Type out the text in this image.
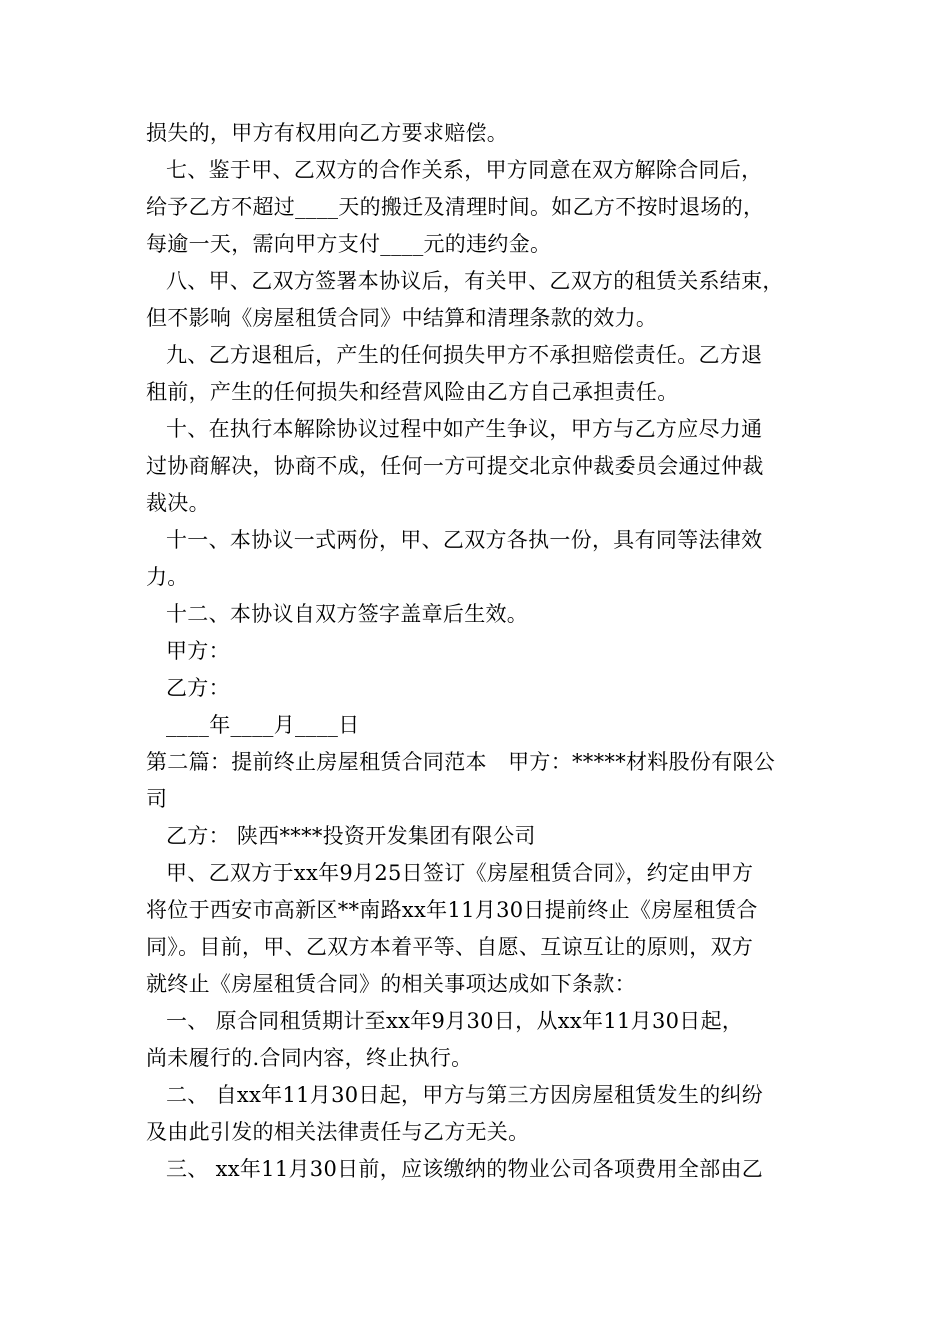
损失的，甲方有权用向乙方要求赔偿。
七、鉴于甲、乙双方的合作关系，甲方同意在双方解除合同后，
给予乙方不超过____天的搬迁及清理时间。如乙方不按时退场的，
每逾一天，需向甲方支付____元的违约金。
八、甲、乙双方签署本协议后，有关甲、乙双方的租赁关系结束，
但不影响《房屋租赁合同》中结算和清理条款的效力。
九、乙方退租后，产生的任何损失甲方不承担赔偿责任。乙方退
租前，产生的任何损失和经营风险由乙方自己承担责任。
十、在执行本解除协议过程中如产生争议，甲方与乙方应尽力通
过协商解决，协商不成，任何一方可提交北京仲裁委员会通过仲裁
裁决。
十一、本协议一式两份，甲、乙双方各执一份，具有同等法律效
力。
十二、本协议自双方签字盖章后生效。
甲方：
乙方：
____年____月____日
第二篇：提前终止房屋租赁合同范本　甲方：*****材料股份有限公
司
乙方： 陕西****投资开发集团有限公司
甲、乙双方于xx年9月25日签订《房屋租赁合同》，约定由甲方
将位于西安市高新区**南路xx年11月30日提前终止《房屋租赁合
同》。目前，甲、乙双方本着平等、自愿、互谅互让的原则，双方
就终止《房屋租赁合同》的相关事项达成如下条款：
一、 原合同租赁期计至xx年9月30日，从xx年11月30日起，
尚未履行的.合同内容，终止执行。
二、 自xx年11月30日起，甲方与第三方因房屋租赁发生的纠纷
及由此引发的相关法律责任与乙方无关。
三、 xx年11月30日前，应该缴纳的物业公司各项费用全部由乙
